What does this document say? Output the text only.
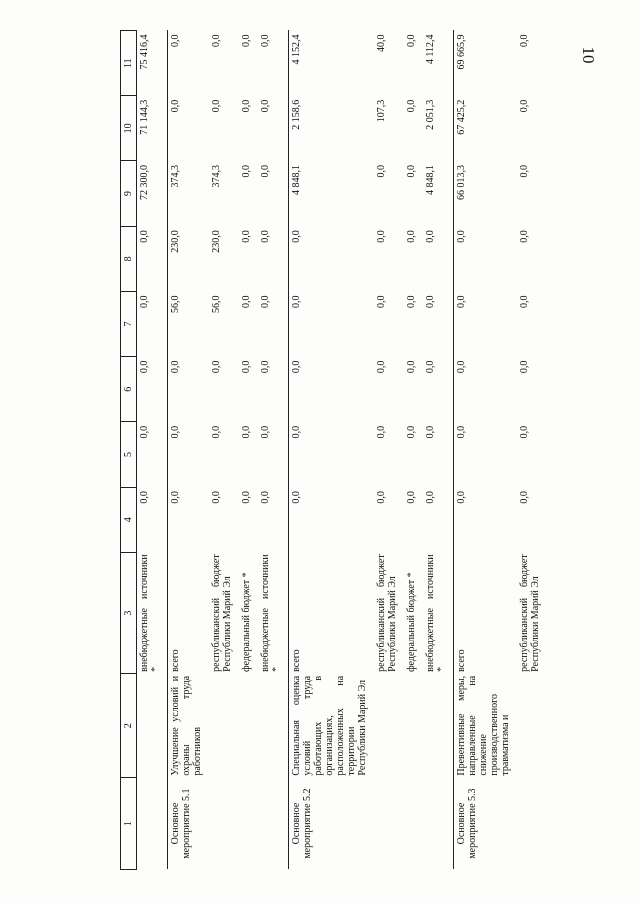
10
1	2	3	4	5	6	7	8	9	10	11
		внебюджетные источники *	0,0	0,0	0,0	0,0	0,0	72 300,0	71 144,3	75 416,4
Основное мероприятие 5.1	Улучшение условий и охраны труда работников	всего	0,0	0,0	0,0	56,0	230,0	374,3	0,0	0,0
		республиканский бюджет Республики Марий Эл	0,0	0,0	0,0	56,0	230,0	374,3	0,0	0,0
		федеральный бюджет *	0,0	0,0	0,0	0,0	0,0	0,0	0,0	0,0
		внебюджетные источники *	0,0	0,0	0,0	0,0	0,0	0,0	0,0	0,0
Основное мероприятие 5.2	Специальная оценка условий труда работающих в организациях, расположенных на территории Республики Марий Эл	всего	0,0	0,0	0,0	0,0	0,0	4 848,1	2 158,6	4 152,4
		республиканский бюджет Республики Марий Эл	0,0	0,0	0,0	0,0	0,0	0,0	107,3	40,0
		федеральный бюджет *	0,0	0,0	0,0	0,0	0,0	0,0	0,0	0,0
		внебюджетные источники *	0,0	0,0	0,0	0,0	0,0	4 848,1	2 051,3	4 112,4
Основное мероприятие 5.3	Превентивные меры, направленные на снижение производственного травматизма и	всего	0,0	0,0	0,0	0,0	0,0	66 013,3	67 425,2	69 665,9
		республиканский бюджет Республики Марий Эл	0,0	0,0	0,0	0,0	0,0	0,0	0,0	0,0
